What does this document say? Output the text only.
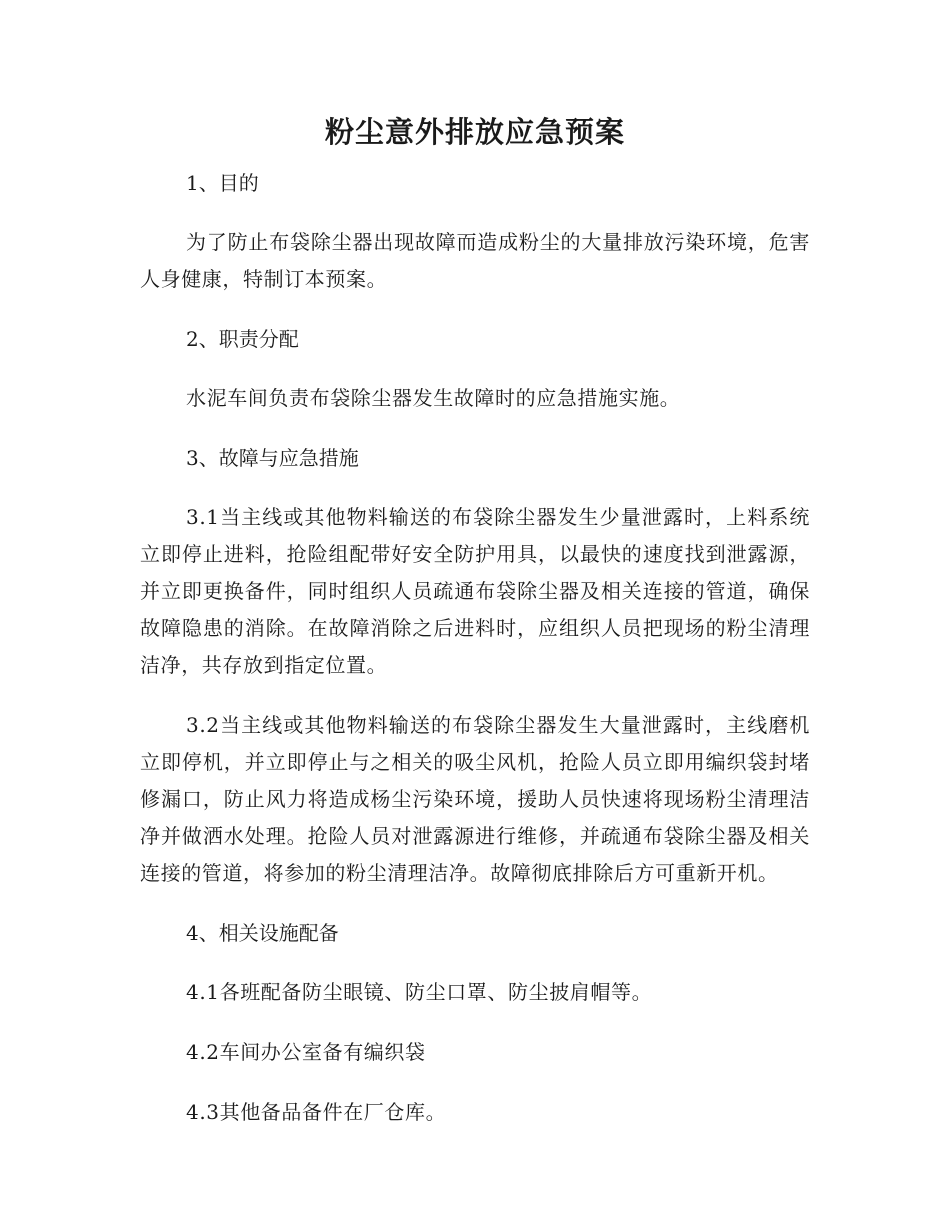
粉尘意外排放应急预案

1、目的

为了防止布袋除尘器出现故障而造成粉尘的大量排放污染环境，危害人身健康，特制订本预案。

2、职责分配

水泥车间负责布袋除尘器发生故障时的应急措施实施。

3、故障与应急措施

3.1当主线或其他物料输送的布袋除尘器发生少量泄露时，上料系统立即停止进料，抢险组配带好安全防护用具，以最快的速度找到泄露源，并立即更换备件，同时组织人员疏通布袋除尘器及相关连接的管道，确保故障隐患的消除。在故障消除之后进料时，应组织人员把现场的粉尘清理洁净，共存放到指定位置。

3.2当主线或其他物料输送的布袋除尘器发生大量泄露时，主线磨机立即停机，并立即停止与之相关的吸尘风机，抢险人员立即用编织袋封堵修漏口，防止风力将造成杨尘污染环境，援助人员快速将现场粉尘清理洁净并做洒水处理。抢险人员对泄露源进行维修，并疏通布袋除尘器及相关连接的管道，将参加的粉尘清理洁净。故障彻底排除后方可重新开机。

4、相关设施配备

4.1各班配备防尘眼镜、防尘口罩、防尘披肩帽等。

4.2车间办公室备有编织袋

4.3其他备品备件在厂仓库。
